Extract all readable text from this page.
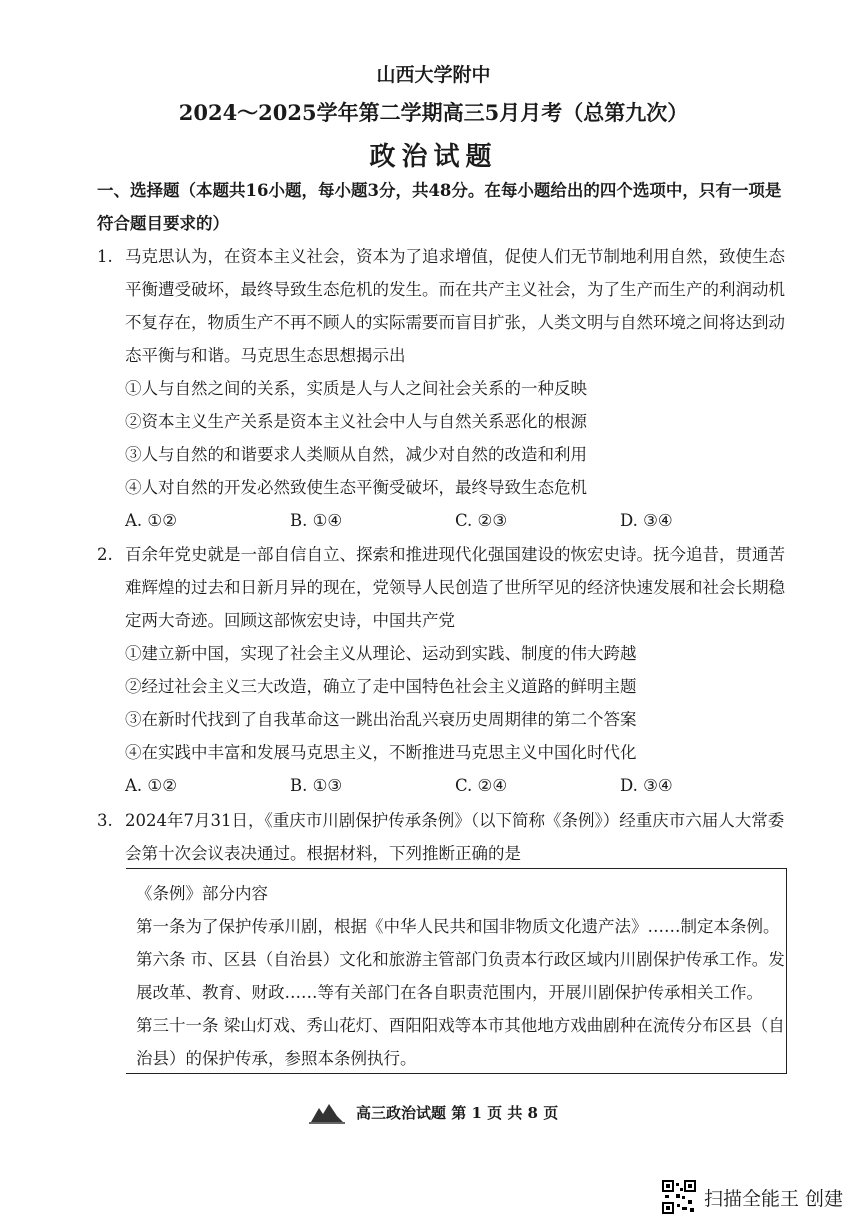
山西大学附中
2024～2025学年第二学期高三5月月考（总第九次）
政治试题
一、选择题（本题共16小题，每小题3分，共48分。在每小题给出的四个选项中，只有一项是符合题目要求的）
1. 马克思认为，在资本主义社会，资本为了追求增值，促使人们无节制地利用自然，致使生态平衡遭受破坏，最终导致生态危机的发生。而在共产主义社会，为了生产而生产的利润动机不复存在，物质生产不再不顾人的实际需要而盲目扩张，人类文明与自然环境之间将达到动态平衡与和谐。马克思生态思想揭示出
①人与自然之间的关系，实质是人与人之间社会关系的一种反映
②资本主义生产关系是资本主义社会中人与自然关系恶化的根源
③人与自然的和谐要求人类顺从自然，减少对自然的改造和利用
④人对自然的开发必然致使生态平衡受破坏，最终导致生态危机
A. ①②	B. ①④	C. ②③	D. ③④
2. 百余年党史就是一部自信自立、探索和推进现代化强国建设的恢宏史诗。抚今追昔，贯通苦难辉煌的过去和日新月异的现在，党领导人民创造了世所罕见的经济快速发展和社会长期稳定两大奇迹。回顾这部恢宏史诗，中国共产党
①建立新中国，实现了社会主义从理论、运动到实践、制度的伟大跨越
②经过社会主义三大改造，确立了走中国特色社会主义道路的鲜明主题
③在新时代找到了自我革命这一跳出治乱兴衰历史周期律的第二个答案
④在实践中丰富和发展马克思主义，不断推进马克思主义中国化时代化
A. ①②	B. ①③	C. ②④	D. ③④
3. 2024年7月31日，《重庆市川剧保护传承条例》（以下简称《条例》）经重庆市六届人大常委会第十次会议表决通过。根据材料，下列推断正确的是
《条例》部分内容
第一条为了保护传承川剧，根据《中华人民共和国非物质文化遗产法》……制定本条例。
第六条 市、区县（自治县）文化和旅游主管部门负责本行政区域内川剧保护传承工作。发
展改革、教育、财政……等有关部门在各自职责范围内，开展川剧保护传承相关工作。
第三十一条 梁山灯戏、秀山花灯、酉阳阳戏等本市其他地方戏曲剧种在流传分布区县（自
治县）的保护传承，参照本条例执行。
高三政治试题 第 1 页 共 8 页
扫描全能王 创建
